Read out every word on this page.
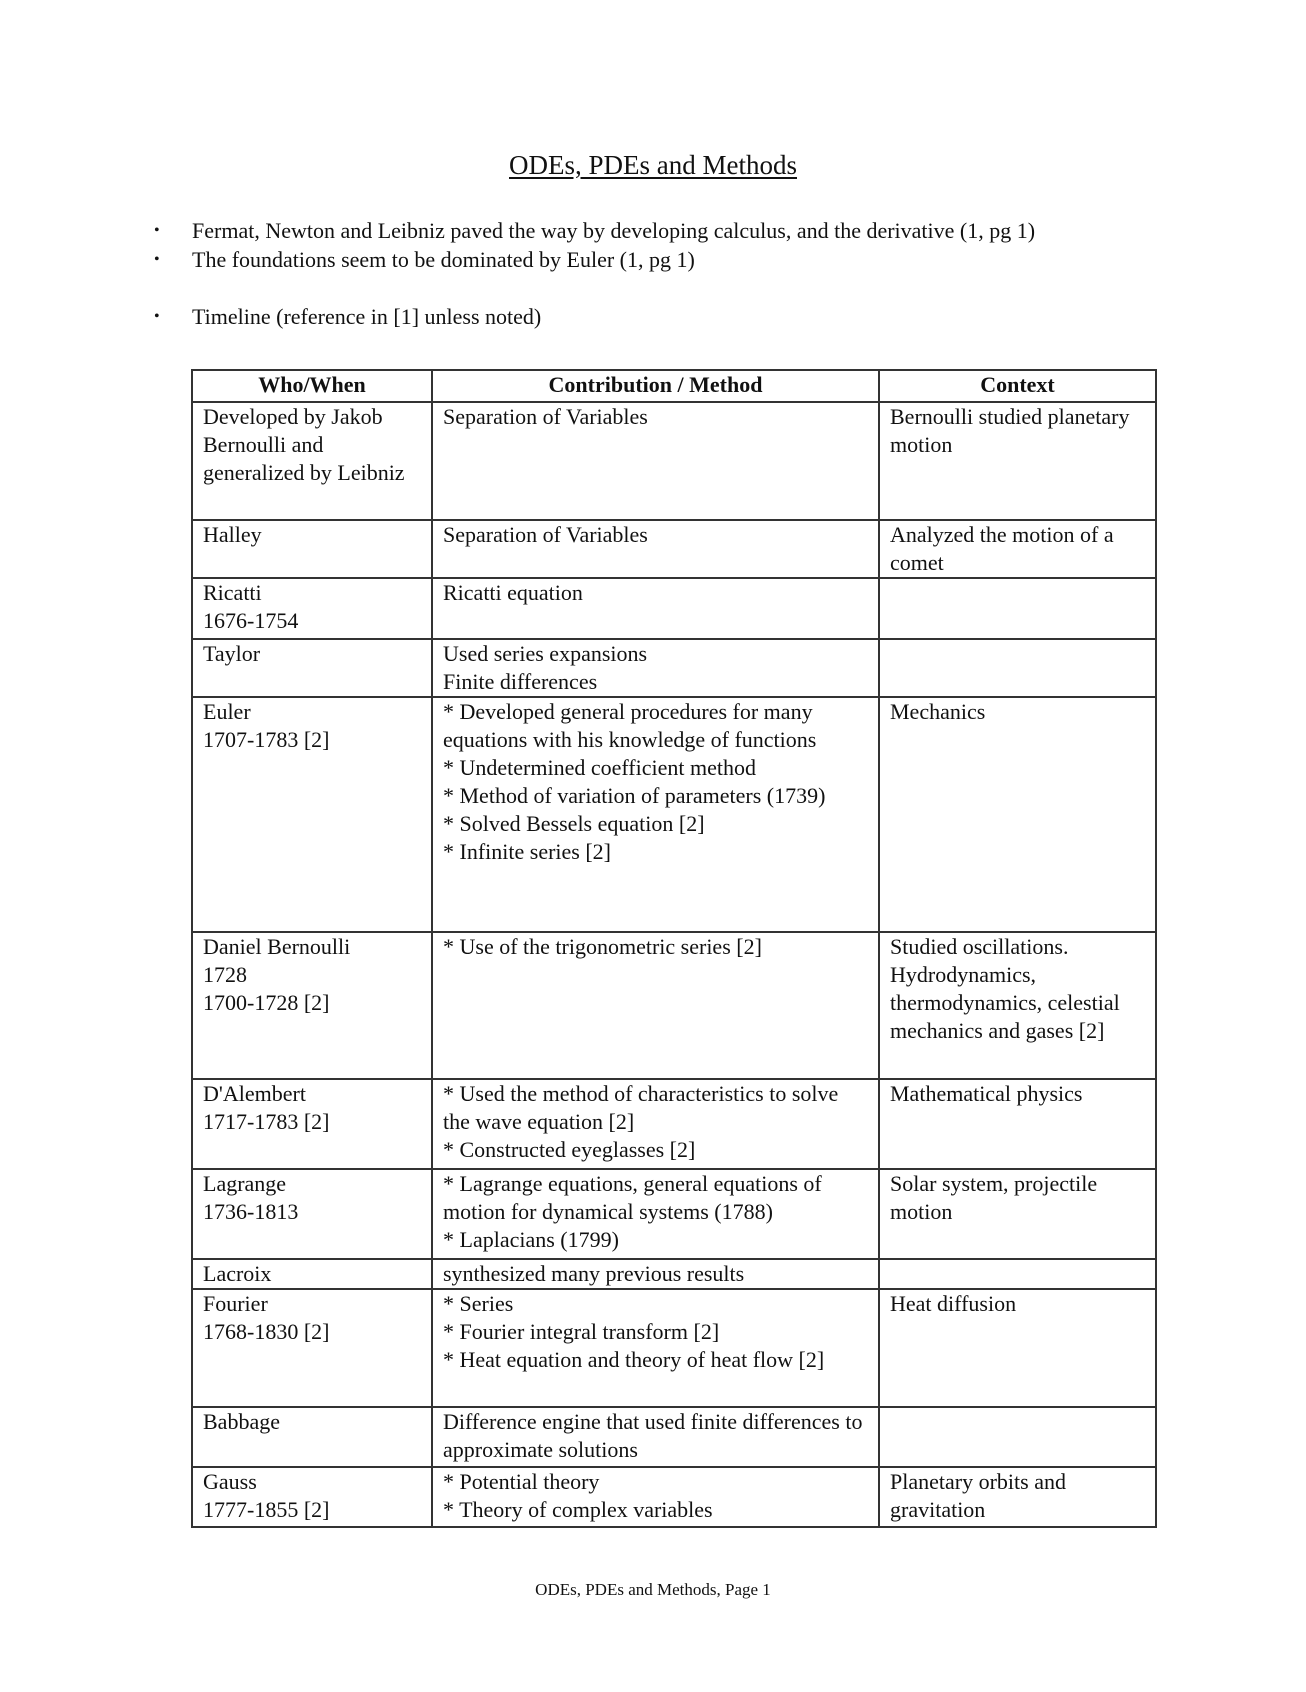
ODEs, PDEs and Methods
• Fermat, Newton and Leibniz paved the way by developing calculus, and the derivative (1, pg 1)
• The foundations seem to be dominated by Euler (1, pg 1)
• Timeline (reference in [1] unless noted)
Who/When	Contribution / Method	Context

Developed by Jakob Bernoulli and generalized by Leibniz	Separation of Variables	Bernoulli studied planetary motion

Halley	Separation of Variables	Analyzed the motion of a comet

Ricatti
1676-1754	Ricatti equation	

Taylor	Used series expansions
Finite differences	

Euler
1707-1783 [2]	* Developed general procedures for many equations with his knowledge of functions
* Undetermined coefficient method
* Method of variation of parameters (1739)
* Solved Bessels equation [2]
* Infinite series [2]	Mechanics

Daniel Bernoulli
1728
1700-1728 [2]	* Use of the trigonometric series [2]	Studied oscillations. Hydrodynamics, thermodynamics, celestial mechanics and gases [2]

D'Alembert
1717-1783 [2]	* Used the method of characteristics to solve the wave equation [2]
* Constructed eyeglasses [2]	Mathematical physics

Lagrange
1736-1813	* Lagrange equations, general equations of motion for dynamical systems (1788)
* Laplacians (1799)	Solar system, projectile motion

Lacroix	synthesized many previous results	

Fourier
1768-1830 [2]	* Series
* Fourier integral transform [2]
* Heat equation and theory of heat flow [2]	Heat diffusion

Babbage	Difference engine that used finite differences to approximate solutions	

Gauss
1777-1855 [2]	* Potential theory
* Theory of complex variables	Planetary orbits and gravitation
ODEs, PDEs and Methods, Page 1
